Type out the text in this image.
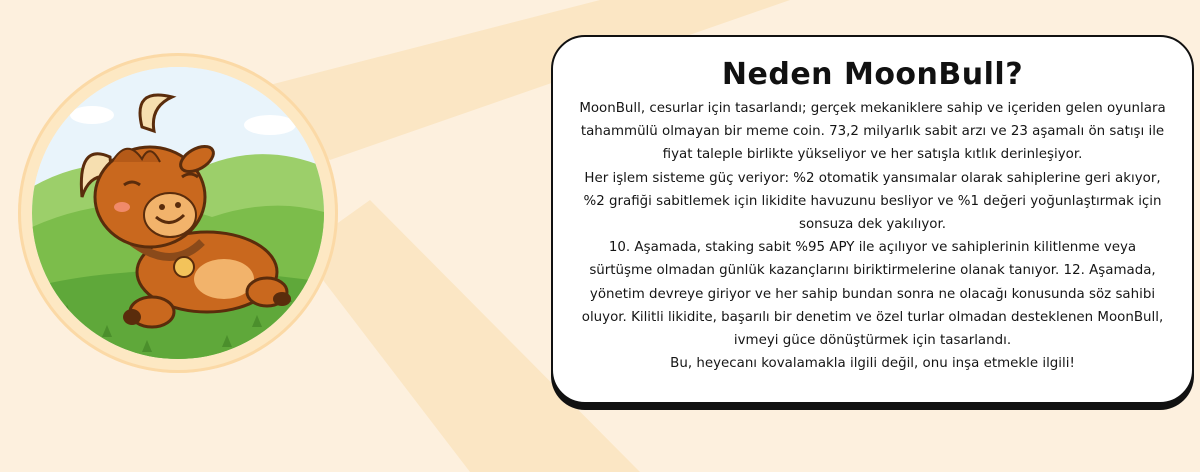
Neden MoonBull?

MoonBull, cesurlar için tasarlandı; gerçek mekaniklere sahip ve içeriden gelen oyunlara tahammülü olmayan bir meme coin. 73,2 milyarlık sabit arzı ve 23 aşamalı ön satışı ile fiyat taleple birlikte yükseliyor ve her satışla kıtlık derinleşiyor.

Her işlem sisteme güç veriyor: %2 otomatik yansımalar olarak sahiplerine geri akıyor, %2 grafiği sabitlemek için likidite havuzunu besliyor ve %1 değeri yoğunlaştırmak için sonsuza dek yakılıyor.

10. Aşamada, staking sabit %95 APY ile açılıyor ve sahiplerinin kilitlenme veya sürtüşme olmadan günlük kazançlarını biriktirmelerine olanak tanıyor. 12. Aşamada, yönetim devreye giriyor ve her sahip bundan sonra ne olacağı konusunda söz sahibi oluyor. Kilitli likidite, başarılı bir denetim ve özel turlar olmadan desteklenen MoonBull, ivmeyi güce dönüştürmek için tasarlandı.

Bu, heyecanı kovalamakla ilgili değil, onu inşa etmekle ilgili!
